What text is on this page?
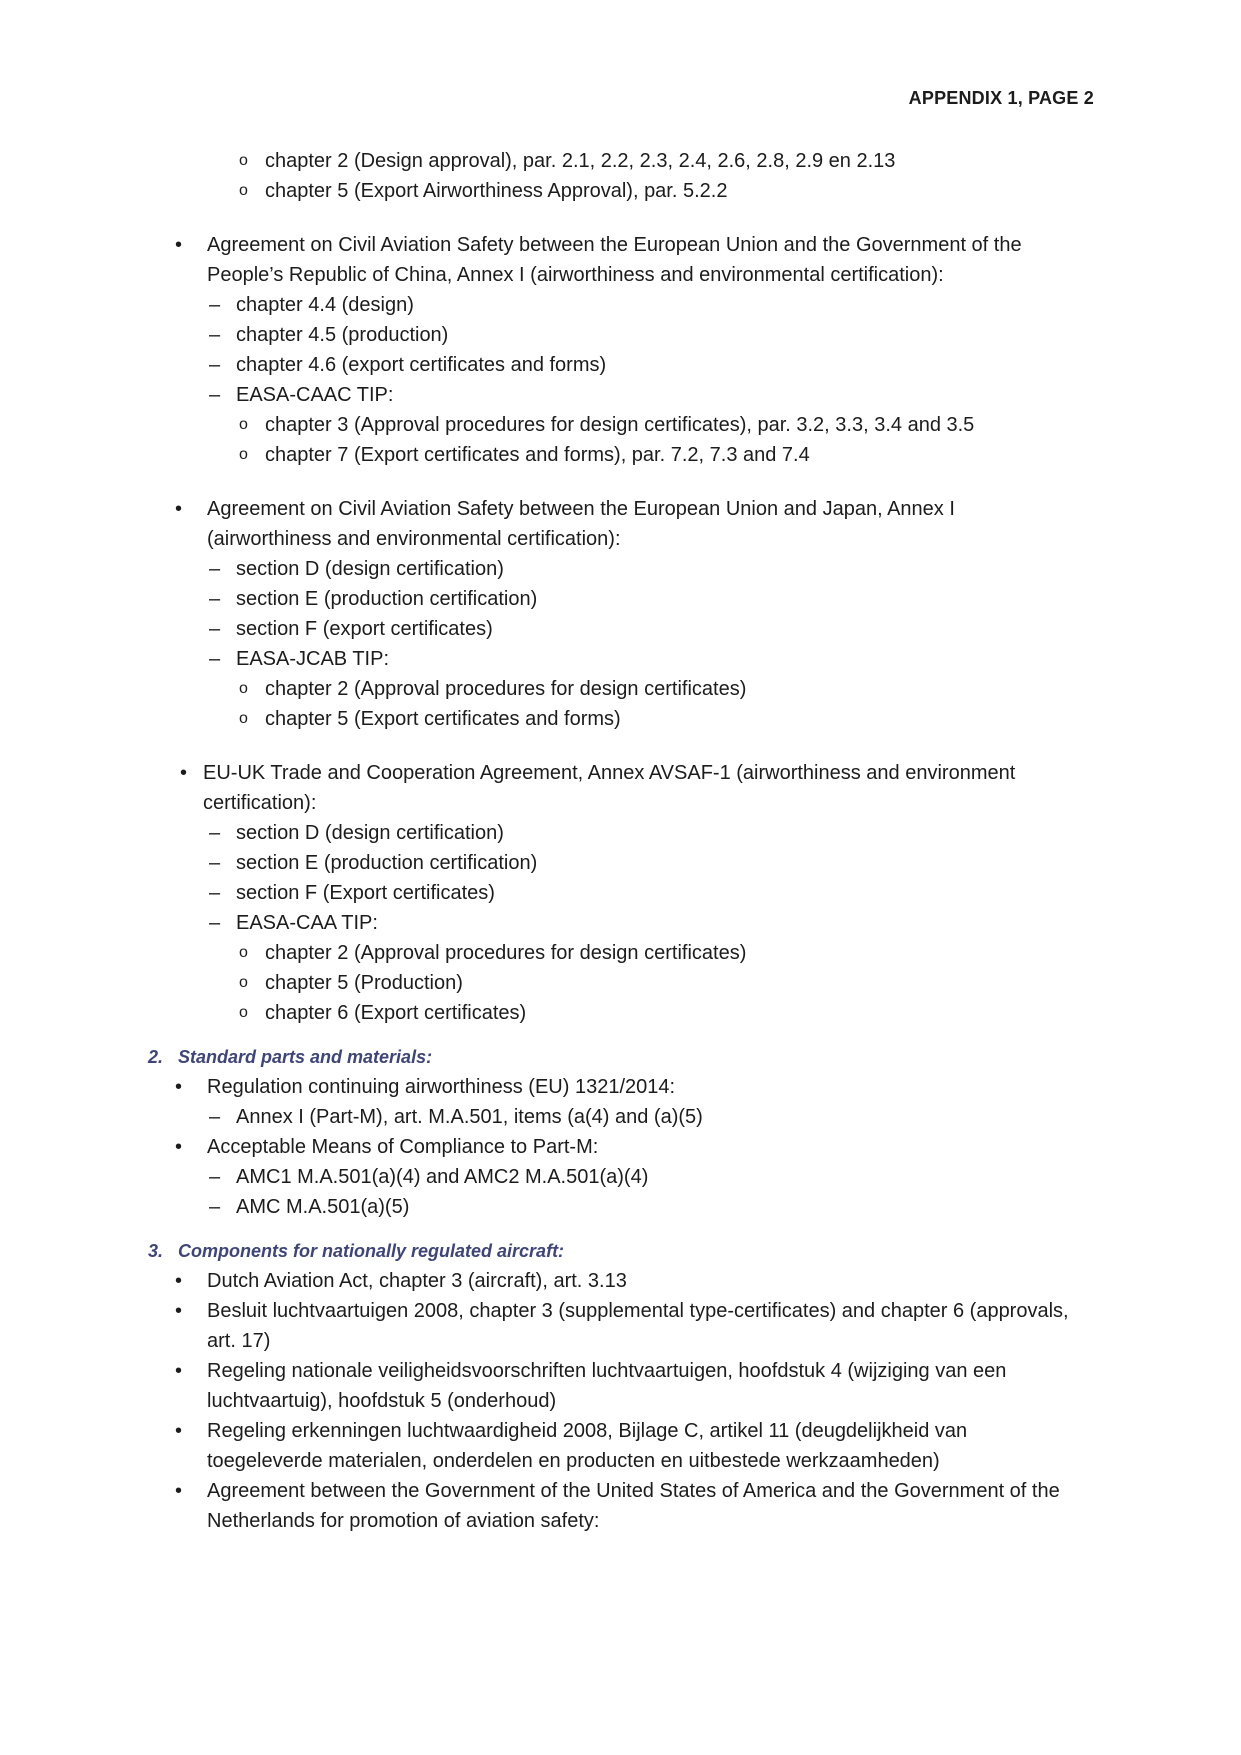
APPENDIX 1, PAGE 2
o chapter 2 (Design approval), par. 2.1, 2.2, 2.3, 2.4, 2.6, 2.8, 2.9 en 2.13
o chapter 5 (Export Airworthiness Approval), par. 5.2.2
•	Agreement on Civil Aviation Safety between the European Union and the Government of the People’s Republic of China, Annex I (airworthiness and environmental certification):
– chapter 4.4 (design)
– chapter 4.5 (production)
– chapter 4.6 (export certificates and forms)
– EASA-CAAC TIP:
o chapter 3 (Approval procedures for design certificates), par. 3.2, 3.3, 3.4 and 3.5
o chapter 7 (Export certificates and forms), par. 7.2, 7.3 and 7.4
•	Agreement on Civil Aviation Safety between the European Union and Japan, Annex I (airworthiness and environmental certification):
– section D (design certification)
– section E (production certification)
– section F (export certificates)
– EASA-JCAB TIP:
o chapter 2 (Approval procedures for design certificates)
o chapter 5 (Export certificates and forms)
• EU-UK Trade and Cooperation Agreement, Annex AVSAF-1 (airworthiness and environment certification):
– section D (design certification)
– section E (production certification)
– section F (Export certificates)
– EASA-CAA TIP:
o chapter 2 (Approval procedures for design certificates)
o chapter 5 (Production)
o chapter 6 (Export certificates)
2. Standard parts and materials:
•	Regulation continuing airworthiness (EU) 1321/2014:
– Annex I (Part-M), art. M.A.501, items (a(4) and (a)(5)
•	Acceptable Means of Compliance to Part-M:
– AMC1 M.A.501(a)(4) and AMC2 M.A.501(a)(4)
– AMC M.A.501(a)(5)
3. Components for nationally regulated aircraft:
•	Dutch Aviation Act, chapter 3 (aircraft), art. 3.13
•	Besluit luchtvaartuigen 2008, chapter 3 (supplemental type-certificates) and chapter 6 (approvals, art. 17)
•	Regeling nationale veiligheidsvoorschriften luchtvaartuigen, hoofdstuk 4 (wijziging van een luchtvaartuig), hoofdstuk 5 (onderhoud)
•	Regeling erkenningen luchtwaardigheid 2008, Bijlage C, artikel 11 (deugdelijkheid van toegeleverde materialen, onderdelen en producten en uitbestede werkzaamheden)
•	Agreement between the Government of the United States of America and the Government of the Netherlands for promotion of aviation safety:
